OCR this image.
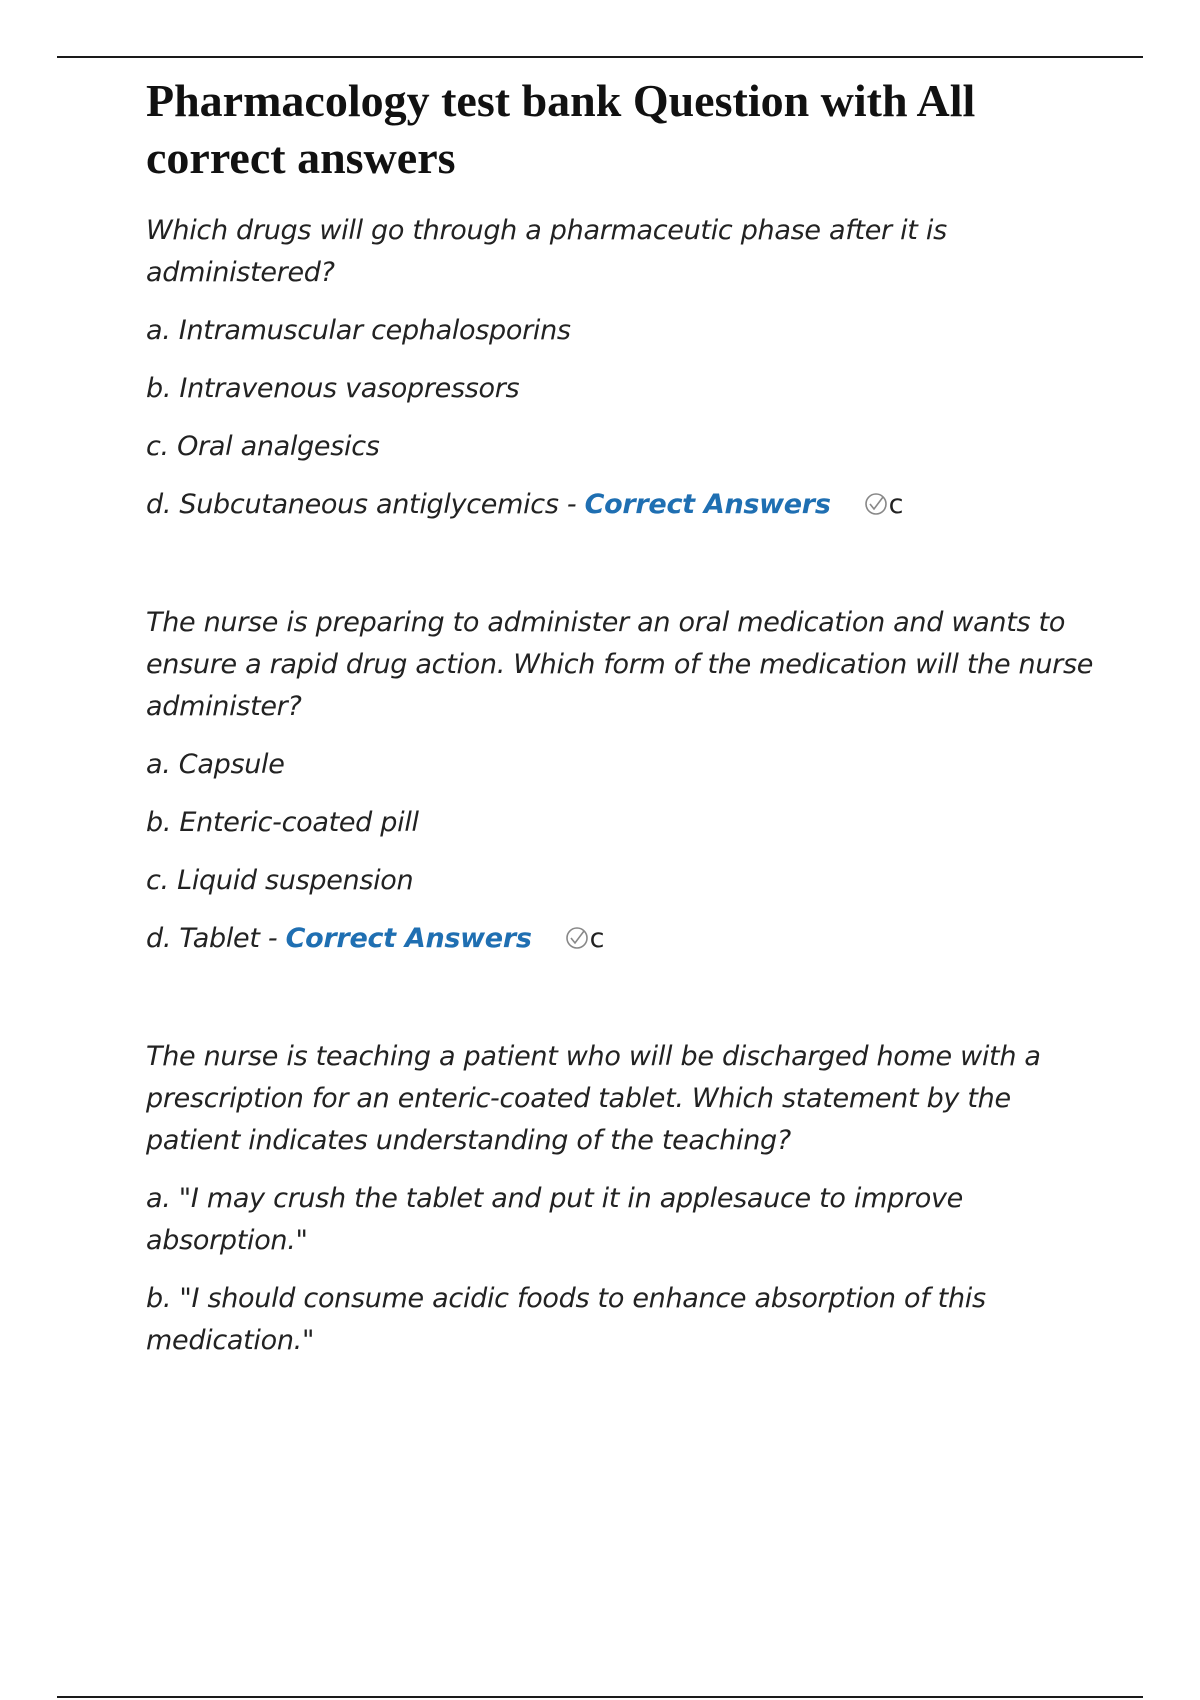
Pharmacology test bank Question with All correct answers

Which drugs will go through a pharmaceutic phase after it is administered?

a. Intramuscular cephalosporins

b. Intravenous vasopressors

c. Oral analgesics

d. Subcutaneous antiglycemics - Correct Answers c

The nurse is preparing to administer an oral medication and wants to ensure a rapid drug action. Which form of the medication will the nurse administer?

a. Capsule

b. Enteric-coated pill

c. Liquid suspension

d. Tablet - Correct Answers c

The nurse is teaching a patient who will be discharged home with a prescription for an enteric-coated tablet. Which statement by the patient indicates understanding of the teaching?

a. "I may crush the tablet and put it in applesauce to improve absorption."

b. "I should consume acidic foods to enhance absorption of this medication."
